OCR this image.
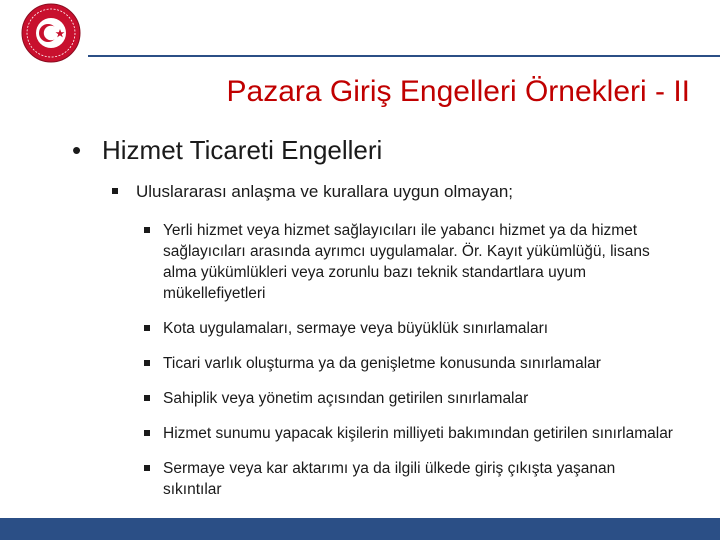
Pazara Giriş Engelleri Örnekleri - II
• Hizmet Ticareti Engelleri
Uluslararası anlaşma ve kurallara uygun olmayan;
Yerli hizmet veya hizmet sağlayıcıları ile yabancı hizmet ya da hizmet sağlayıcıları arasında ayrımcı uygulamalar. Ör. Kayıt yükümlüğü, lisans alma yükümlükleri veya zorunlu bazı teknik standartlara uyum mükellefiyetleri
Kota uygulamaları, sermaye veya büyüklük sınırlamaları
Ticari varlık oluşturma ya da genişletme konusunda sınırlamalar
Sahiplik veya yönetim açısından getirilen sınırlamalar
Hizmet sunumu yapacak kişilerin milliyeti bakımından getirilen sınırlamalar
Sermaye veya kar aktarımı ya da ilgili ülkede giriş çıkışta yaşanan sıkıntılar
